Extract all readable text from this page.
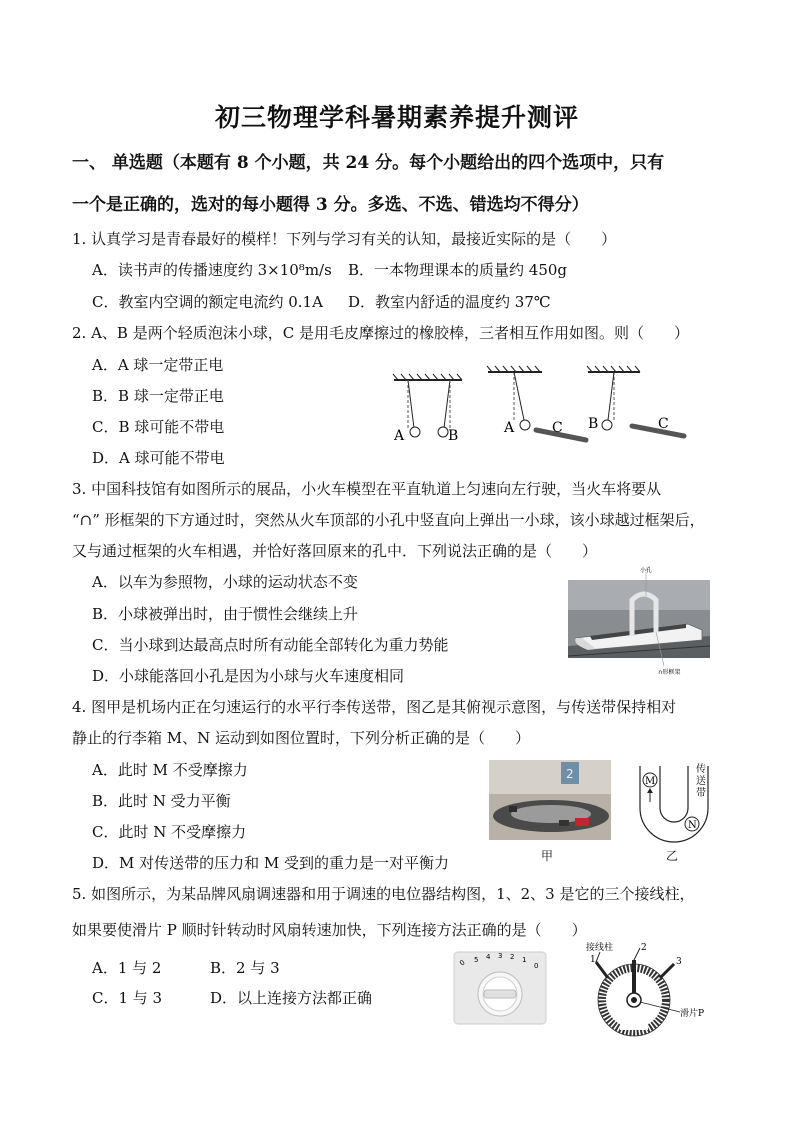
初三物理学科暑期素养提升测评
一、 单选题（本题有 8 个小题，共 24 分。每个小题给出的四个选项中，只有
一个是正确的，选对的每小题得 3 分。多选、不选、错选均不得分）
1. 认真学习是青春最好的模样！下列与学习有关的认知，最接近实际的是（　　）
A．读书声的传播速度约 3×10⁸m/s B．一本物理课本的质量约 450g
C．教室内空调的额定电流约 0.1A D．教室内舒适的温度约 37℃
2. A、B 是两个轻质泡沫小球，C 是用毛皮摩擦过的橡胶棒，三者相互作用如图。则（　　）
A．A 球一定带正电
B．B 球一定带正电
C．B 球可能不带电
D．A 球可能不带电
A	B	A	C B	C
3. 中国科技馆有如图所示的展品，小火车模型在平直轨道上匀速向左行驶，当火车将要从
“∩” 形框架的下方通过时，突然从火车顶部的小孔中竖直向上弹出一小球，该小球越过框架后，
又与通过框架的火车相遇，并恰好落回原来的孔中．下列说法正确的是（　　）
A．以车为参照物，小球的运动状态不变
B．小球被弹出时，由于惯性会继续上升
C．当小球到达最高点时所有动能全部转化为重力势能
D．小球能落回小孔是因为小球与火车速度相同
小孔
∩形框架
4. 图甲是机场内正在匀速运行的水平行李传送带，图乙是其俯视示意图，与传送带保持相对
静止的行李箱 M、N 运动到如图位置时，下列分析正确的是（　　）
A．此时 M 不受摩擦力
B．此时 N 受力平衡
C．此时 N 不受摩擦力
D．M 对传送带的压力和 M 受到的重力是一对平衡力
2
甲
M
N
传
送
带
乙
5. 如图所示，为某品牌风扇调速器和用于调速的电位器结构图，1、2、3 是它的三个接线柱，
如果要使滑片 P 顺时针转动时风扇转速加快，下列连接方法正确的是（　　）
A．1 与 2	B．2 与 3
C．1 与 3	D．以上连接方法都正确
0 5 4 3 2 1
0
接线柱	2
1	3
滑片P
